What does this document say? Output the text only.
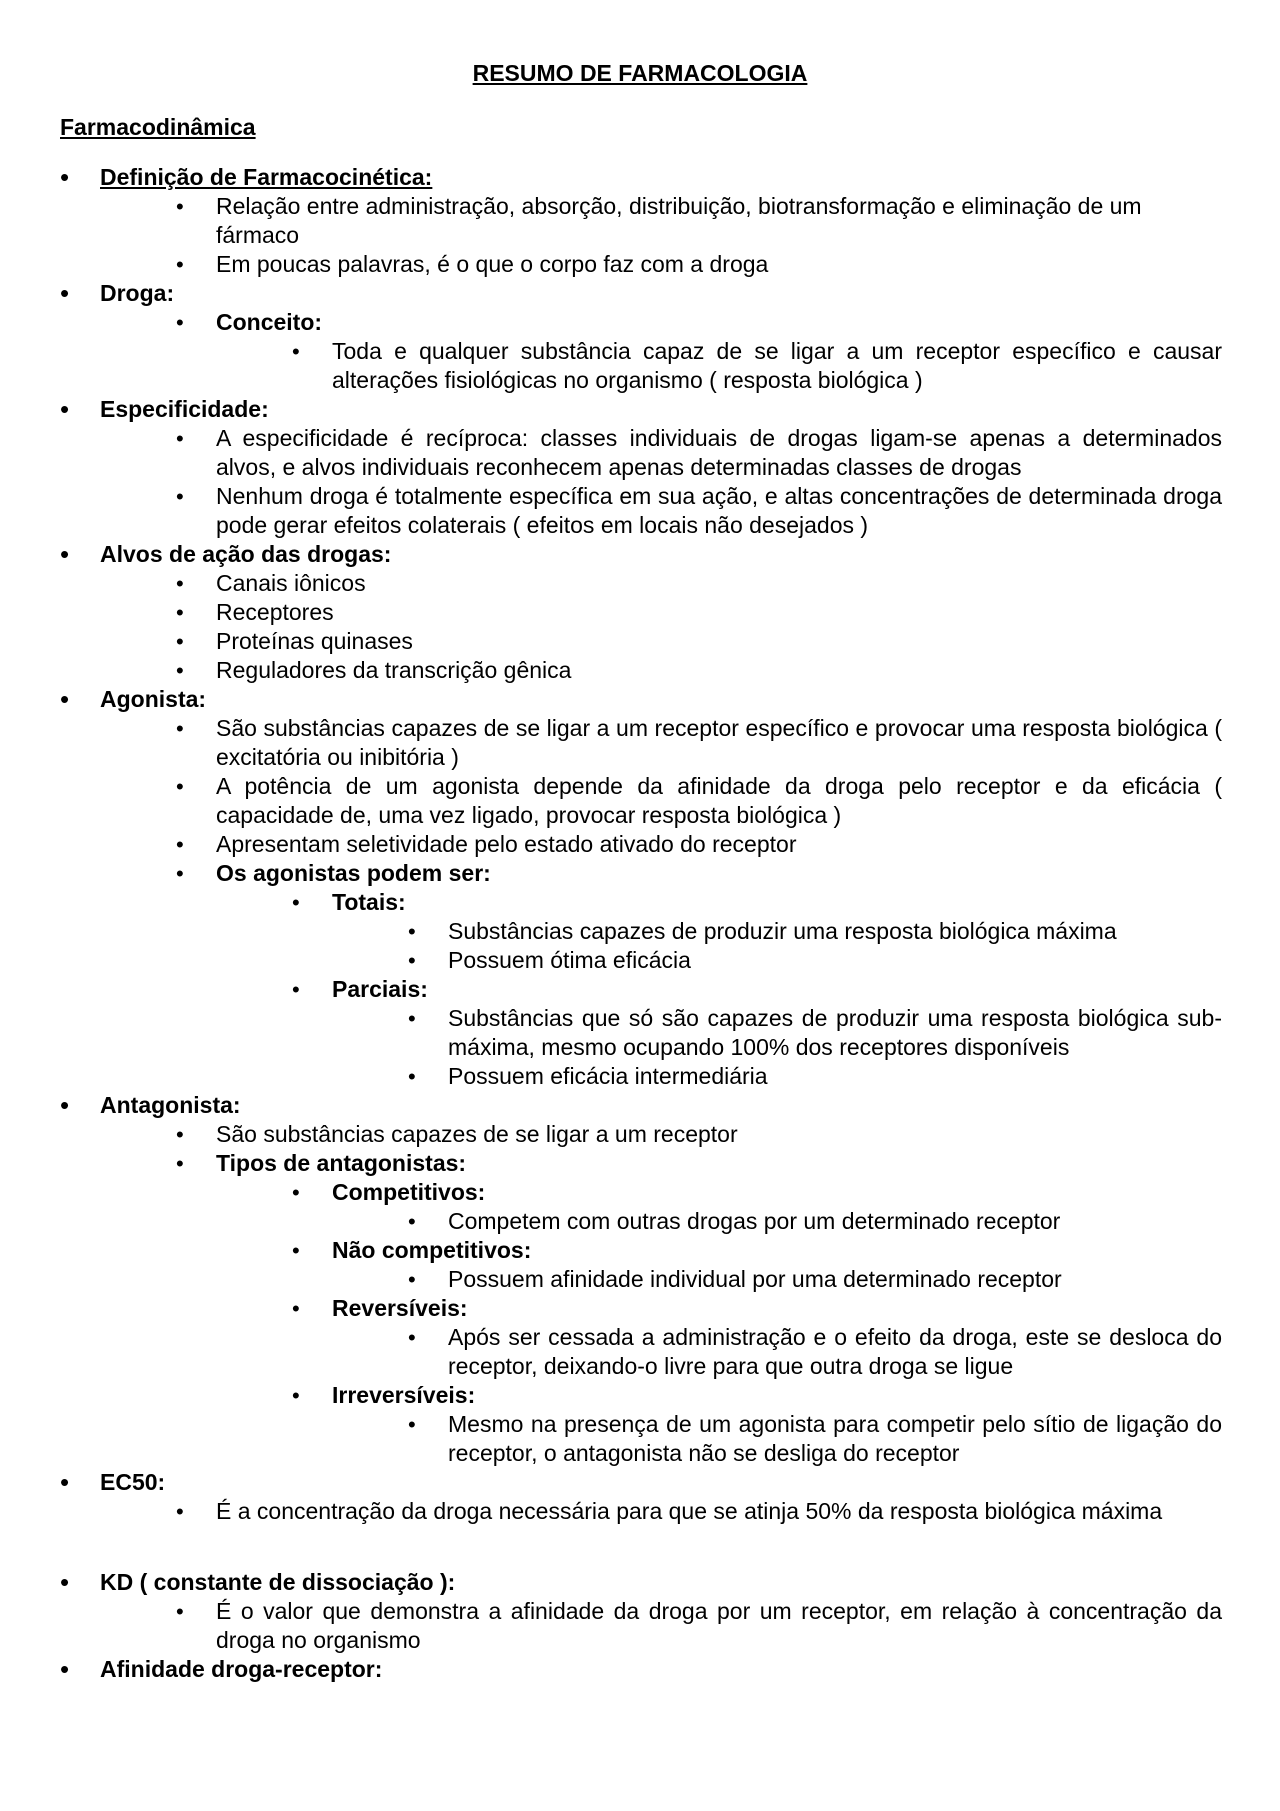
RESUMO DE FARMACOLOGIA
Farmacodinâmica
• Definição de Farmacocinética:
• Relação entre administração, absorção, distribuição, biotransformação e eliminação de um fármaco
• Em poucas palavras, é o que o corpo faz com a droga
• Droga:
• Conceito:
• Toda e qualquer substância capaz de se ligar a um receptor específico e causar alterações fisiológicas no organismo ( resposta biológica )
• Especificidade:
• A especificidade é recíproca: classes individuais de drogas ligam-se apenas a determinados alvos, e alvos individuais reconhecem apenas determinadas classes de drogas
• Nenhum droga é totalmente específica em sua ação, e altas concentrações de determinada droga pode gerar efeitos colaterais ( efeitos em locais não desejados )
• Alvos de ação das drogas:
• Canais iônicos
• Receptores
• Proteínas quinases
• Reguladores da transcrição gênica
• Agonista:
• São substâncias capazes de se ligar a um receptor específico e provocar uma resposta biológica ( excitatória ou inibitória )
• A potência de um agonista depende da afinidade da droga pelo receptor e da eficácia ( capacidade de, uma vez ligado, provocar resposta biológica )
• Apresentam seletividade pelo estado ativado do receptor
• Os agonistas podem ser:
• Totais:
• Substâncias capazes de produzir uma resposta biológica máxima
• Possuem ótima eficácia
• Parciais:
• Substâncias que só são capazes de produzir uma resposta biológica sub-máxima, mesmo ocupando 100% dos receptores disponíveis
• Possuem eficácia intermediária
• Antagonista:
• São substâncias capazes de se ligar a um receptor
• Tipos de antagonistas:
• Competitivos:
• Competem com outras drogas por um determinado receptor
• Não competitivos:
• Possuem afinidade individual por uma determinado receptor
• Reversíveis:
• Após ser cessada a administração e o efeito da droga, este se desloca do receptor, deixando-o livre para que outra droga se ligue
• Irreversíveis:
• Mesmo na presença de um agonista para competir pelo sítio de ligação do receptor, o antagonista não se desliga do receptor
• EC50:
• É a concentração da droga necessária para que se atinja 50% da resposta biológica máxima
• KD ( constante de dissociação ):
• É o valor que demonstra a afinidade da droga por um receptor, em relação à concentração da droga no organismo
• Afinidade droga-receptor:
